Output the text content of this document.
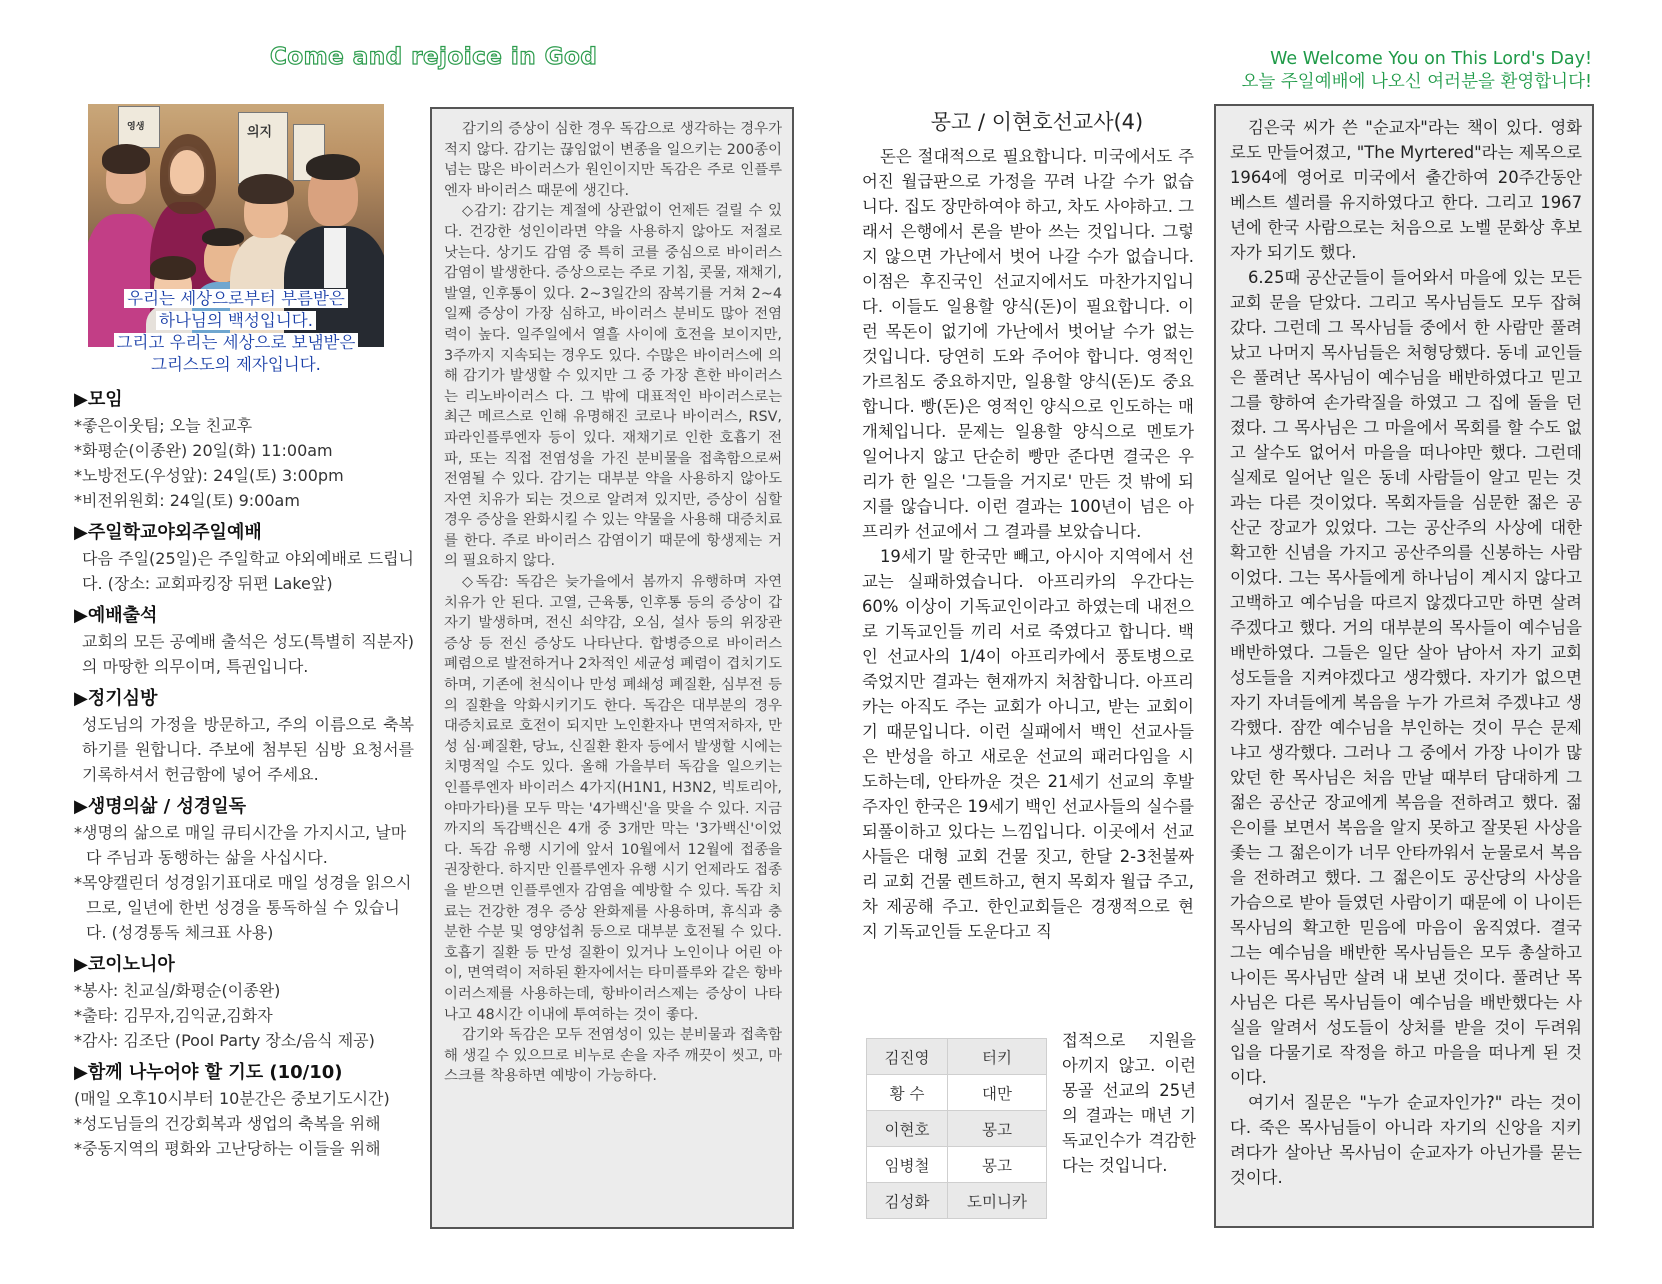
Come and rejoice in God	We Welcome You on This Lord's Day!
오늘 주일예배에 나오신 여러분을 환영합니다!
영생	의지
우리는 세상으로부터 부름받은
하나님의 백성입니다.
그리고 우리는 세상으로 보냄받은
그리스도의 제자입니다.
▶모임
*좋은이웃팀; 오늘 친교후
*화평순(이종완) 20일(화) 11:00am
*노방전도(우성앞): 24일(토) 3:00pm
*비전위원회: 24일(토) 9:00am
▶주일학교야외주일예배
다음 주일(25일)은 주일학교 야외예배로 드립니다. (장소: 교회파킹장 뒤편 Lake앞)
▶예배출석
교회의 모든 공예배 출석은 성도(특별히 직분자)의 마땅한 의무이며, 특권입니다.
▶정기심방
성도님의 가정을 방문하고, 주의 이름으로 축복하기를 원합니다. 주보에 첨부된 심방 요청서를 기록하셔서 헌금함에 넣어 주세요.
▶생명의삶 / 성경일독
*생명의 삶으로 매일 큐티시간을 가지시고, 날마다 주님과 동행하는 삶을 사십시다.
*목양캘린더 성경읽기표대로 매일 성경을 읽으시므로, 일년에 한번 성경을 통독하실 수 있습니다. (성경통독 체크표 사용)
▶코이노니아
*봉사: 친교실/화평순(이종완)
*출타: 김무자,김익균,김화자
*감사: 김조단 (Pool Party 장소/음식 제공)
▶함께 나누어야 할 기도 (10/10)
(매일 오후10시부터 10분간은 중보기도시간)
*성도님들의 건강회복과 생업의 축복을 위해
*중동지역의 평화와 고난당하는 이들을 위해

감기의 증상이 심한 경우 독감으로 생각하는 경우가 적지 않다. 감기는 끊임없이 변종을 일으키는 200종이 넘는 많은 바이러스가 원인이지만 독감은 주로 인플루엔자 바이러스 때문에 생긴다.

◇감기: 감기는 계절에 상관없이 언제든 걸릴 수 있다. 건강한 성인이라면 약을 사용하지 않아도 저절로 낫는다. 상기도 감염 중 특히 코를 중심으로 바이러스 감염이 발생한다. 증상으로는 주로 기침, 콧물, 재채기, 발열, 인후통이 있다. 2~3일간의 잠복기를 거쳐 2~4일째 증상이 가장 심하고, 바이러스 분비도 많아 전염력이 높다. 일주일에서 열흘 사이에 호전을 보이지만, 3주까지 지속되는 경우도 있다. 수많은 바이러스에 의해 감기가 발생할 수 있지만 그 중 가장 흔한 바이러스는 리노바이러스 다. 그 밖에 대표적인 바이러스로는 최근 메르스로 인해 유명해진 코로나 바이러스, RSV, 파라인플루엔자 등이 있다. 재채기로 인한 호흡기 전파, 또는 직접 전염성을 가진 분비물을 접촉함으로써 전염될 수 있다. 감기는 대부분 약을 사용하지 않아도 자연 치유가 되는 것으로 알려져 있지만, 증상이 심할 경우 증상을 완화시킬 수 있는 약물을 사용해 대증치료를 한다. 주로 바이러스 감염이기 때문에 항생제는 거의 필요하지 않다.

◇독감: 독감은 늦가을에서 봄까지 유행하며 자연 치유가 안 된다. 고열, 근육통, 인후통 등의 증상이 갑자기 발생하며, 전신 쇠약감, 오심, 설사 등의 위장관 증상 등 전신 증상도 나타난다. 합병증으로 바이러스 폐렴으로 발전하거나 2차적인 세균성 폐렴이 겹치기도 하며, 기존에 천식이나 만성 폐쇄성 폐질환, 심부전 등의 질환을 악화시키기도 한다. 독감은 대부분의 경우 대증치료로 호전이 되지만 노인환자나 면역저하자, 만성 심·폐질환, 당뇨, 신질환 환자 등에서 발생할 시에는 치명적일 수도 있다. 올해 가을부터 독감을 일으키는 인플루엔자 바이러스 4가지(H1N1, H3N2, 빅토리아, 야마가타)를 모두 막는 '4가백신'을 맞을 수 있다. 지금까지의 독감백신은 4개 중 3개만 막는 '3가백신'이었다. 독감 유행 시기에 앞서 10월에서 12월에 접종을 권장한다. 하지만 인플루엔자 유행 시기 언제라도 접종을 받으면 인플루엔자 감염을 예방할 수 있다. 독감 치료는 건강한 경우 증상 완화제를 사용하며, 휴식과 충분한 수분 및 영양섭취 등으로 대부분 호전될 수 있다. 호흡기 질환 등 만성 질환이 있거나 노인이나 어린 아이, 면역력이 저하된 환자에서는 타미플루와 같은 항바이러스제를 사용하는데, 항바이러스제는 증상이 나타나고 48시간 이내에 투여하는 것이 좋다.

감기와 독감은 모두 전염성이 있는 분비물과 접촉함해 생길 수 있으므로 비누로 손을 자주 깨끗이 씻고, 마스크를 착용하면 예방이 가능하다.

몽고 / 이현호선교사(4)

돈은 절대적으로 필요합니다. 미국에서도 주어진 월급판으로 가정을 꾸려 나갈 수가 없습니다. 집도 장만하여야 하고, 차도 사야하고. 그래서 은행에서 론을 받아 쓰는 것입니다. 그렇지 않으면 가난에서 벗어 나갈 수가 없습니다. 이점은 후진국인 선교지에서도 마찬가지입니다. 이들도 일용할 양식(돈)이 필요합니다. 이런 목돈이 없기에 가난에서 벗어날 수가 없는 것입니다. 당연히 도와 주어야 합니다. 영적인 가르침도 중요하지만, 일용할 양식(돈)도 중요합니다. 빵(돈)은 영적인 양식으로 인도하는 매개체입니다. 문제는 일용할 양식으로 멘토가 일어나지 않고 단순히 빵만 준다면 결국은 우리가 한 일은 '그들을 거지로' 만든 것 밖에 되지를 않습니다. 이런 결과는 100년이 넘은 아프리카 선교에서 그 결과를 보았습니다.

19세기 말 한국만 빼고, 아시아 지역에서 선교는 실패하였습니다. 아프리카의 우간다는 60% 이상이 기독교인이라고 하였는데 내전으로 기독교인들 끼리 서로 죽였다고 합니다. 백인 선교사의 1/4이 아프리카에서 풍토병으로 죽었지만 결과는 현재까지 처참합니다. 아프리카는 아직도 주는 교회가 아니고, 받는 교회이기 때문입니다. 이런 실패에서 백인 선교사들은 반성을 하고 새로운 선교의 패러다임을 시도하는데, 안타까운 것은 21세기 선교의 후발 주자인 한국은 19세기 백인 선교사들의 실수를 되풀이하고 있다는 느낌입니다. 이곳에서 선교사들은 대형 교회 건물 짓고, 한달 2-3천불짜리 교회 건물 렌트하고, 현지 목회자 월급 주고, 차 제공해 주고. 한인교회들은 경쟁적으로 현지 기독교인들 도운다고 직

김진영	터키
황 수	대만
이현호	몽고
임병철	몽고
김성화	도미니카

접적으로 지원을 아끼지 않고. 이런 몽골 선교의 25년의 결과는 매년 기독교인수가 격감한다는 것입니다.

김은국 씨가 쓴 "순교자"라는 책이 있다. 영화로도 만들어졌고, "The Myrtered"라는 제목으로 1964에 영어로 미국에서 출간하여 20주간동안 베스트 셀러를 유지하였다고 한다. 그리고 1967년에 한국 사람으로는 처음으로 노벨 문화상 후보자가 되기도 했다.

6.25때 공산군들이 들어와서 마을에 있는 모든 교회 문을 닫았다. 그리고 목사님들도 모두 잡혀 갔다. 그런데 그 목사님들 중에서 한 사람만 풀려 났고 나머지 목사님들은 처형당했다. 동네 교인들은 풀려난 목사님이 예수님을 배반하였다고 믿고 그를 향하여 손가락질을 하였고 그 집에 돌을 던졌다. 그 목사님은 그 마을에서 목회를 할 수도 없고 살수도 없어서 마을을 떠나야만 했다. 그런데 실제로 일어난 일은 동네 사람들이 알고 믿는 것과는 다른 것이었다. 목회자들을 심문한 젊은 공산군 장교가 있었다. 그는 공산주의 사상에 대한 확고한 신념을 가지고 공산주의를 신봉하는 사람이었다. 그는 목사들에게 하나님이 계시지 않다고 고백하고 예수님을 따르지 않겠다고만 하면 살려 주겠다고 했다. 거의 대부분의 목사들이 예수님을 배반하였다. 그들은 일단 살아 남아서 자기 교회 성도들을 지켜야겠다고 생각했다. 자기가 없으면 자기 자녀들에게 복음을 누가 가르쳐 주겠냐고 생각했다. 잠깐 예수님을 부인하는 것이 무슨 문제냐고 생각했다. 그러나 그 중에서 가장 나이가 많았던 한 목사님은 처음 만날 때부터 담대하게 그 젊은 공산군 장교에게 복음을 전하려고 했다. 젊은이를 보면서 복음을 알지 못하고 잘못된 사상을 좇는 그 젊은이가 너무 안타까워서 눈물로서 복음을 전하려고 했다. 그 젊은이도 공산당의 사상을 가슴으로 받아 들였던 사람이기 때문에 이 나이든 목사님의 확고한 믿음에 마음이 움직였다. 결국 그는 예수님을 배반한 목사님들은 모두 총살하고 나이든 목사님만 살려 내 보낸 것이다. 풀려난 목사님은 다른 목사님들이 예수님을 배반했다는 사실을 알려서 성도들이 상처를 받을 것이 두려워 입을 다물기로 작정을 하고 마을을 떠나게 된 것이다.

여기서 질문은 "누가 순교자인가?" 라는 것이다. 죽은 목사님들이 아니라 자기의 신앙을 지키려다가 살아난 목사님이 순교자가 아닌가를 묻는 것이다.
